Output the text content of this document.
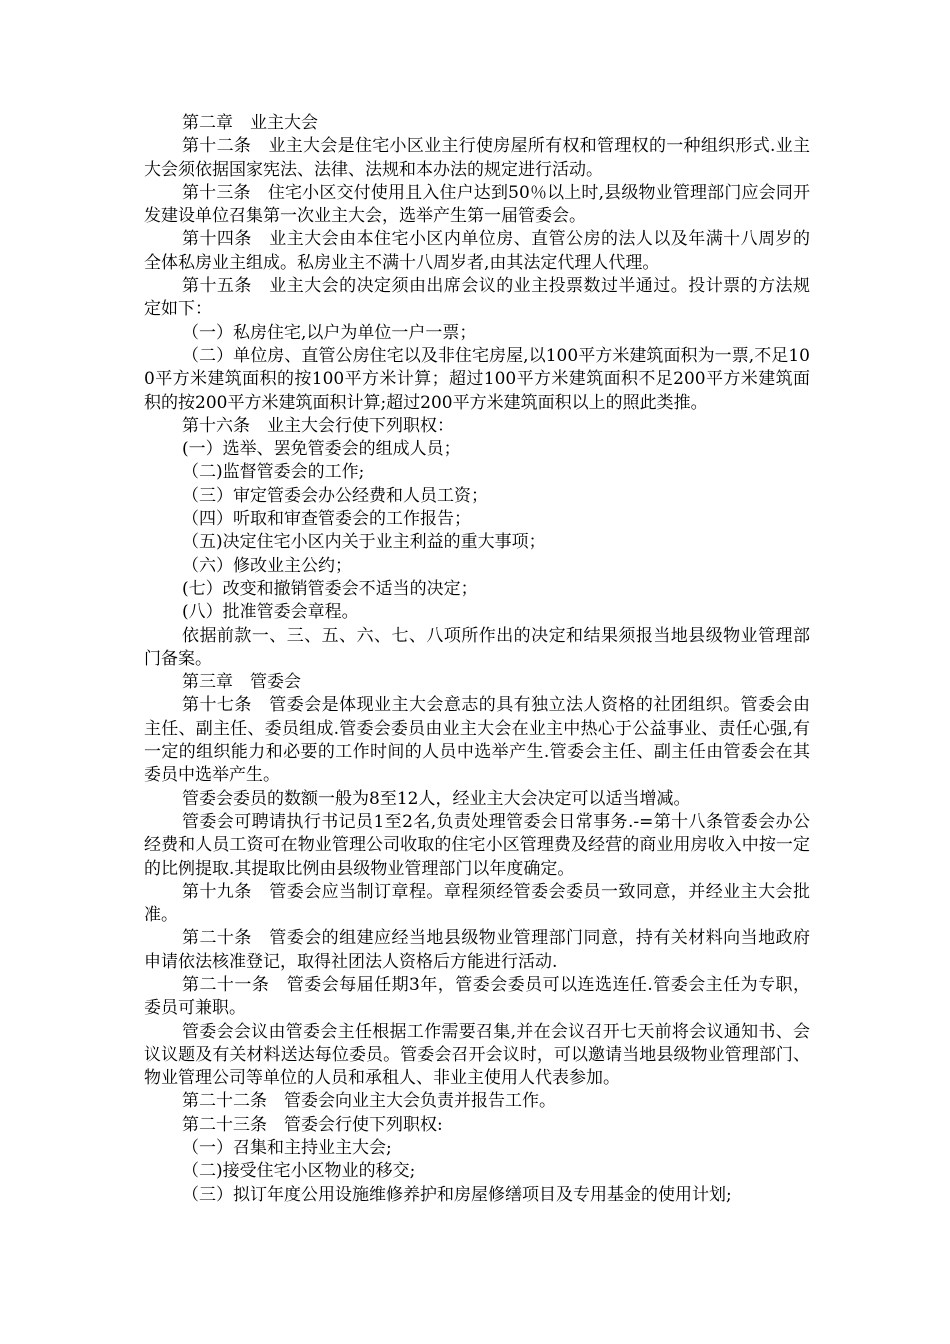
第二章　业主大会

第十二条　业主大会是住宅小区业主行使房屋所有权和管理权的一种组织形式.业主大会须依据国家宪法、法律、法规和本办法的规定进行活动。

第十三条　住宅小区交付使用且入住户达到50％以上时,县级物业管理部门应会同开发建设单位召集第一次业主大会，选举产生第一届管委会。

第十四条　业主大会由本住宅小区内单位房、直管公房的法人以及年满十八周岁的全体私房业主组成。私房业主不满十八周岁者,由其法定代理人代理。

第十五条　业主大会的决定须由出席会议的业主投票数过半通过。投计票的方法规定如下：

（一）私房住宅,以户为单位一户一票；

（二）单位房、直管公房住宅以及非住宅房屋,以100平方米建筑面积为一票,不足100平方米建筑面积的按100平方米计算；超过100平方米建筑面积不足200平方米建筑面积的按200平方米建筑面积计算;超过200平方米建筑面积以上的照此类推。

第十六条　业主大会行使下列职权：

(一）选举、罢免管委会的组成人员；

（二)监督管委会的工作;

（三）审定管委会办公经费和人员工资；

（四）听取和审查管委会的工作报告；

（五)决定住宅小区内关于业主利益的重大事项；

（六）修改业主公约；

(七）改变和撤销管委会不适当的决定；

(八）批准管委会章程。

依据前款一、三、五、六、七、八项所作出的决定和结果须报当地县级物业管理部门备案。

第三章　管委会

第十七条　管委会是体现业主大会意志的具有独立法人资格的社团组织。管委会由主任、副主任、委员组成.管委会委员由业主大会在业主中热心于公益事业、责任心强,有一定的组织能力和必要的工作时间的人员中选举产生.管委会主任、副主任由管委会在其委员中选举产生。

管委会委员的数额一般为8至12人，经业主大会决定可以适当增减。

管委会可聘请执行书记员1至2名,负责处理管委会日常事务.-=第十八条管委会办公经费和人员工资可在物业管理公司收取的住宅小区管理费及经营的商业用房收入中按一定的比例提取.其提取比例由县级物业管理部门以年度确定。

第十九条　管委会应当制订章程。章程须经管委会委员一致同意，并经业主大会批准。

第二十条　管委会的组建应经当地县级物业管理部门同意，持有关材料向当地政府申请依法核准登记，取得社团法人资格后方能进行活动.

第二十一条　管委会每届任期3年，管委会委员可以连选连任.管委会主任为专职，委员可兼职。

管委会会议由管委会主任根据工作需要召集,并在会议召开七天前将会议通知书、会议议题及有关材料送达每位委员。管委会召开会议时，可以邀请当地县级物业管理部门、物业管理公司等单位的人员和承租人、非业主使用人代表参加。

第二十二条　管委会向业主大会负责并报告工作。

第二十三条　管委会行使下列职权:

（一）召集和主持业主大会;

（二)接受住宅小区物业的移交;

（三）拟订年度公用设施维修养护和房屋修缮项目及专用基金的使用计划;
